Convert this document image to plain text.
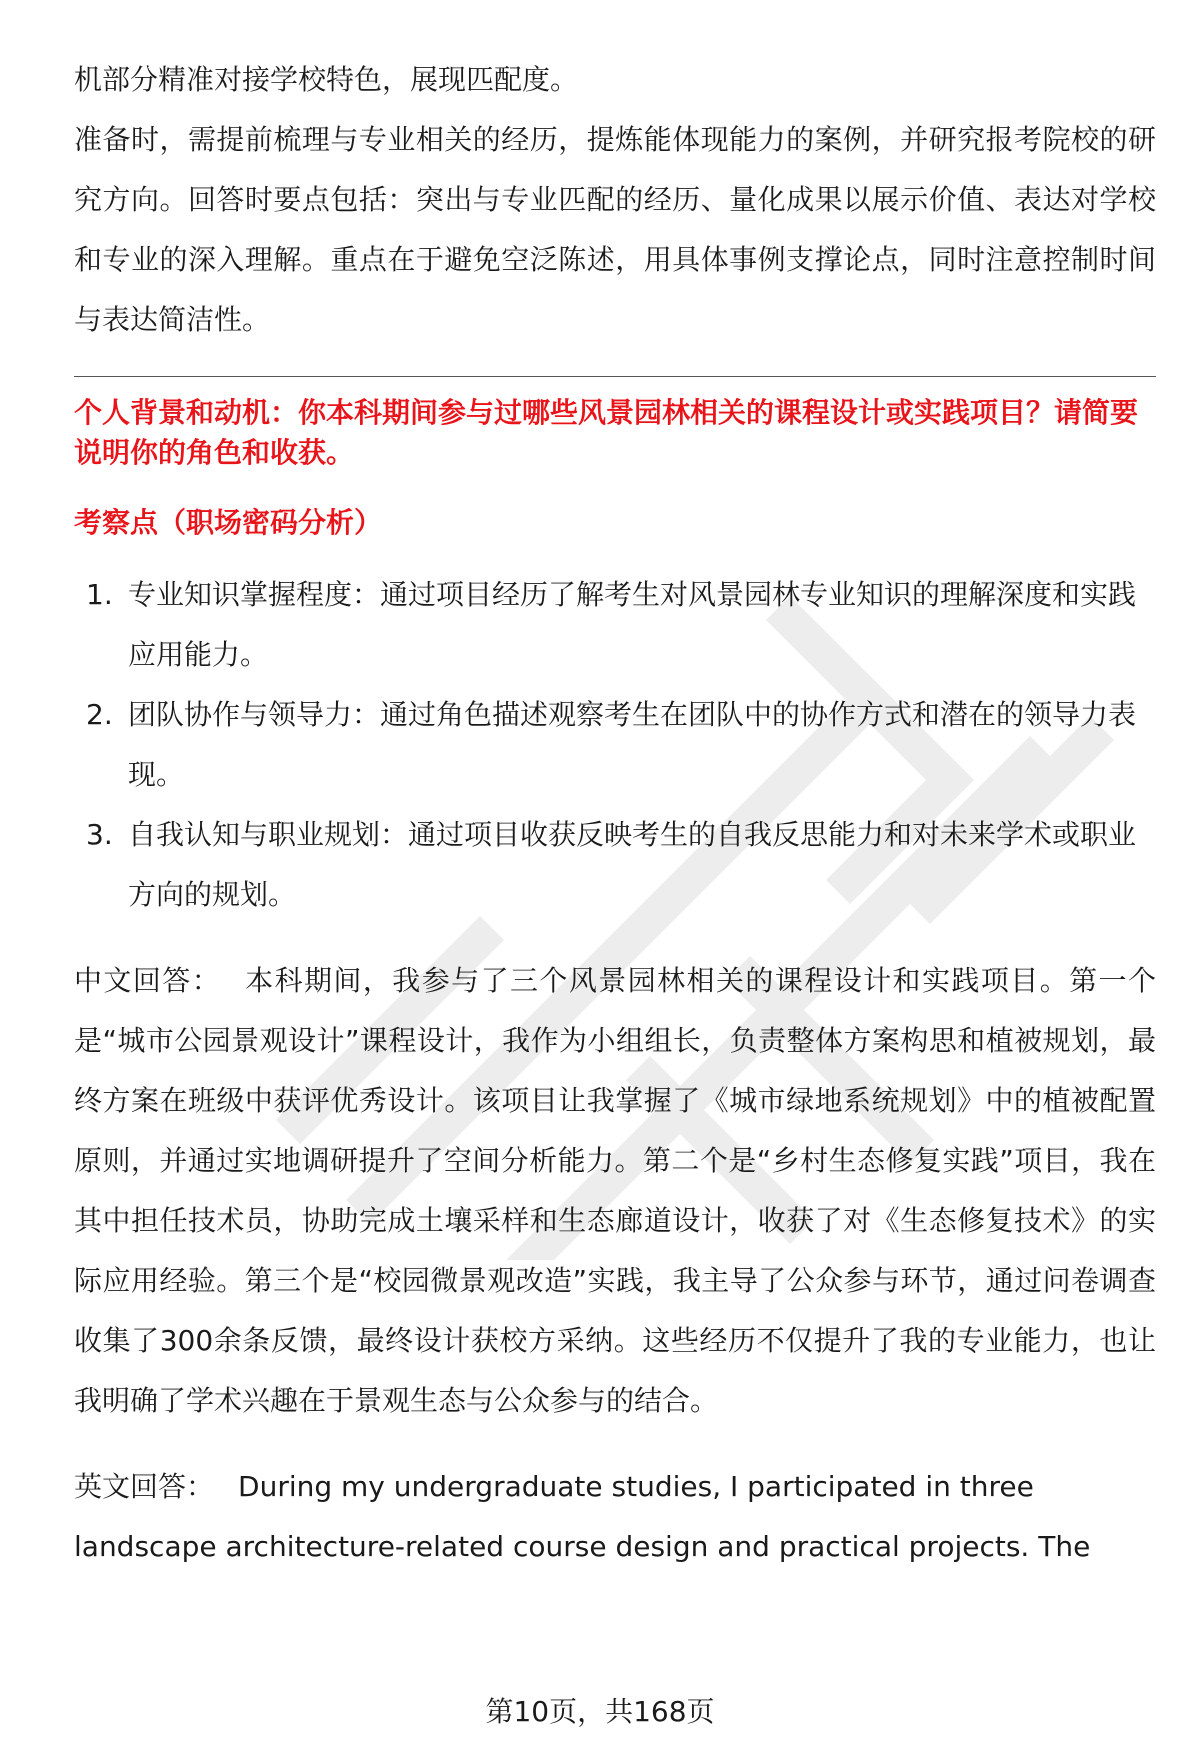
机部分精准对接学校特色，展现匹配度。

准备时，需提前梳理与专业相关的经历，提炼能体现能力的案例，并研究报考院校的研究方向。回答时要点包括：突出与专业匹配的经历、量化成果以展示价值、表达对学校和专业的深入理解。重点在于避免空泛陈述，用具体事例支撑论点，同时注意控制时间与表达简洁性。

个人背景和动机：你本科期间参与过哪些风景园林相关的课程设计或实践项目？请简要说明你的角色和收获。

考察点（职场密码分析）

1. 专业知识掌握程度：通过项目经历了解考生对风景园林专业知识的理解深度和实践应用能力。
2. 团队协作与领导力：通过角色描述观察考生在团队中的协作方式和潜在的领导力表现。
3. 自我认知与职业规划：通过项目收获反映考生的自我反思能力和对未来学术或职业方向的规划。

中文回答： 本科期间，我参与了三个风景园林相关的课程设计和实践项目。第一个是“城市公园景观设计”课程设计，我作为小组组长，负责整体方案构思和植被规划，最终方案在班级中获评优秀设计。该项目让我掌握了《城市绿地系统规划》中的植被配置原则，并通过实地调研提升了空间分析能力。第二个是“乡村生态修复实践”项目，我在其中担任技术员，协助完成土壤采样和生态廊道设计，收获了对《生态修复技术》的实际应用经验。第三个是“校园微景观改造”实践，我主导了公众参与环节，通过问卷调查收集了300余条反馈，最终设计获校方采纳。这些经历不仅提升了我的专业能力，也让我明确了学术兴趣在于景观生态与公众参与的结合。

英文回答： During my undergraduate studies, I participated in three landscape architecture-related course design and practical projects. The

第10页，共168页
